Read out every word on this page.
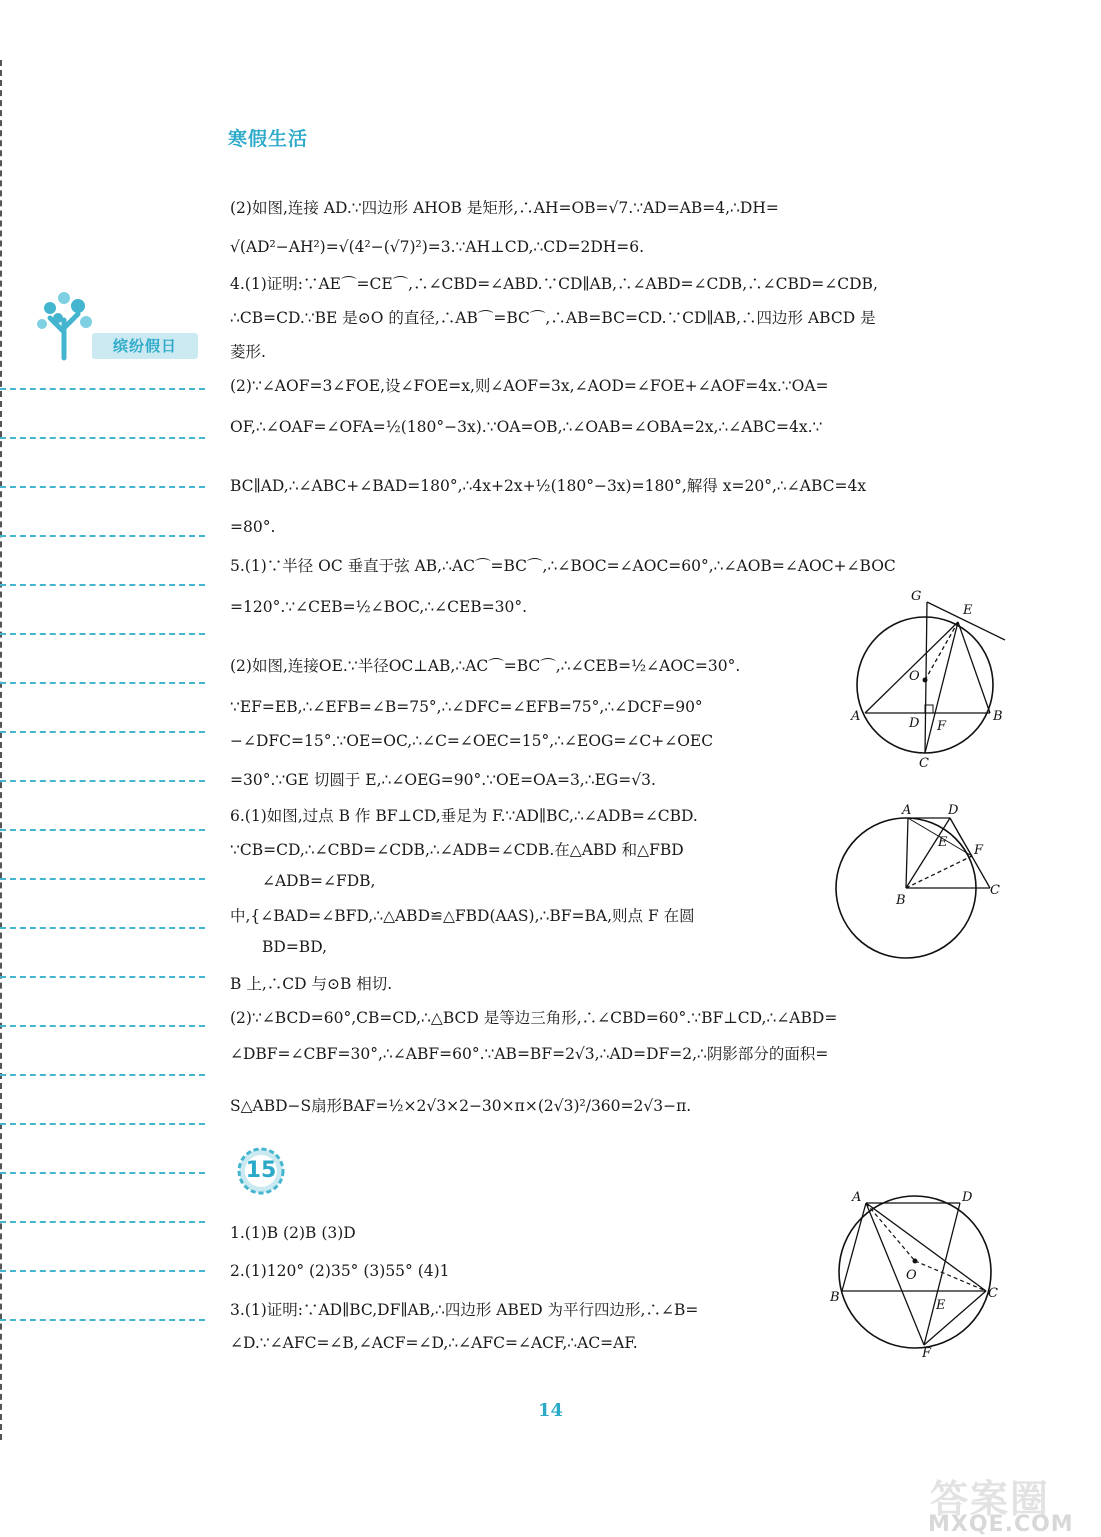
寒假生活
缤纷假日
(2)如图,连接 AD.∵四边形 AHOB 是矩形,∴AH=OB=√7.∵AD=AB=4,∴DH=
√(AD²−AH²)=√(4²−(√7)²)=3.∵AH⊥CD,∴CD=2DH=6.
4.(1)证明:∵AE⌒=CE⌒,∴∠CBD=∠ABD.∵CD∥AB,∴∠ABD=∠CDB,∴∠CBD=∠CDB,
∴CB=CD.∵BE 是⊙O 的直径,∴AB⌒=BC⌒,∴AB=BC=CD.∵CD∥AB,∴四边形 ABCD 是
菱形.
(2)∵∠AOF=3∠FOE,设∠FOE=x,则∠AOF=3x,∠AOD=∠FOE+∠AOF=4x.∵OA=
OF,∴∠OAF=∠OFA=½(180°−3x).∵OA=OB,∴∠OAB=∠OBA=2x,∴∠ABC=4x.∵
BC∥AD,∴∠ABC+∠BAD=180°,∴4x+2x+½(180°−3x)=180°,解得 x=20°,∴∠ABC=4x
=80°.
5.(1)∵半径 OC 垂直于弦 AB,∴AC⌒=BC⌒,∴∠BOC=∠AOC=60°,∴∠AOB=∠AOC+∠BOC
=120°.∵∠CEB=½∠BOC,∴∠CEB=30°.
(2)如图,连接OE.∵半径OC⊥AB,∴AC⌒=BC⌒,∴∠CEB=½∠AOC=30°.
∵EF=EB,∴∠EFB=∠B=75°,∴∠DFC=∠EFB=75°,∴∠DCF=90°
−∠DFC=15°.∵OE=OC,∴∠C=∠OEC=15°,∴∠EOG=∠C+∠OEC
=30°.∵GE 切圆于 E,∴∠OEG=90°.∵OE=OA=3,∴EG=√3.
6.(1)如图,过点 B 作 BF⊥CD,垂足为 F.∵AD∥BC,∴∠ADB=∠CBD.
∵CB=CD,∴∠CBD=∠CDB,∴∠ADB=∠CDB.在△ABD 和△FBD
∠ADB=∠FDB,
中,{∠BAD=∠BFD,∴△ABD≌△FBD(AAS),∴BF=BA,则点 F 在圆
BD=BD,
B 上,∴CD 与⊙B 相切.
(2)∵∠BCD=60°,CB=CD,∴△BCD 是等边三角形,∴∠CBD=60°.∵BF⊥CD,∴∠ABD=
∠DBF=∠CBF=30°,∴∠ABF=60°.∵AB=BF=2√3,∴AD=DF=2,∴阴影部分的面积=
S△ABD−S扇形BAF=½×2√3×2−30×π×(2√3)²/360=2√3−π.
15
1.(1)B (2)B (3)D
2.(1)120° (2)35° (3)55° (4)1
3.(1)证明:∵AD∥BC,DF∥AB,∴四边形 ABED 为平行四边形,∴∠B=
∠D.∵∠AFC=∠B,∠ACF=∠D,∴∠AFC=∠ACF,∴AC=AF.
G
E
O
A	D F
B
C
A	D
E
F
B
C
A	D
O
B	C
E
F
14
答案圈
MXQE.COM
